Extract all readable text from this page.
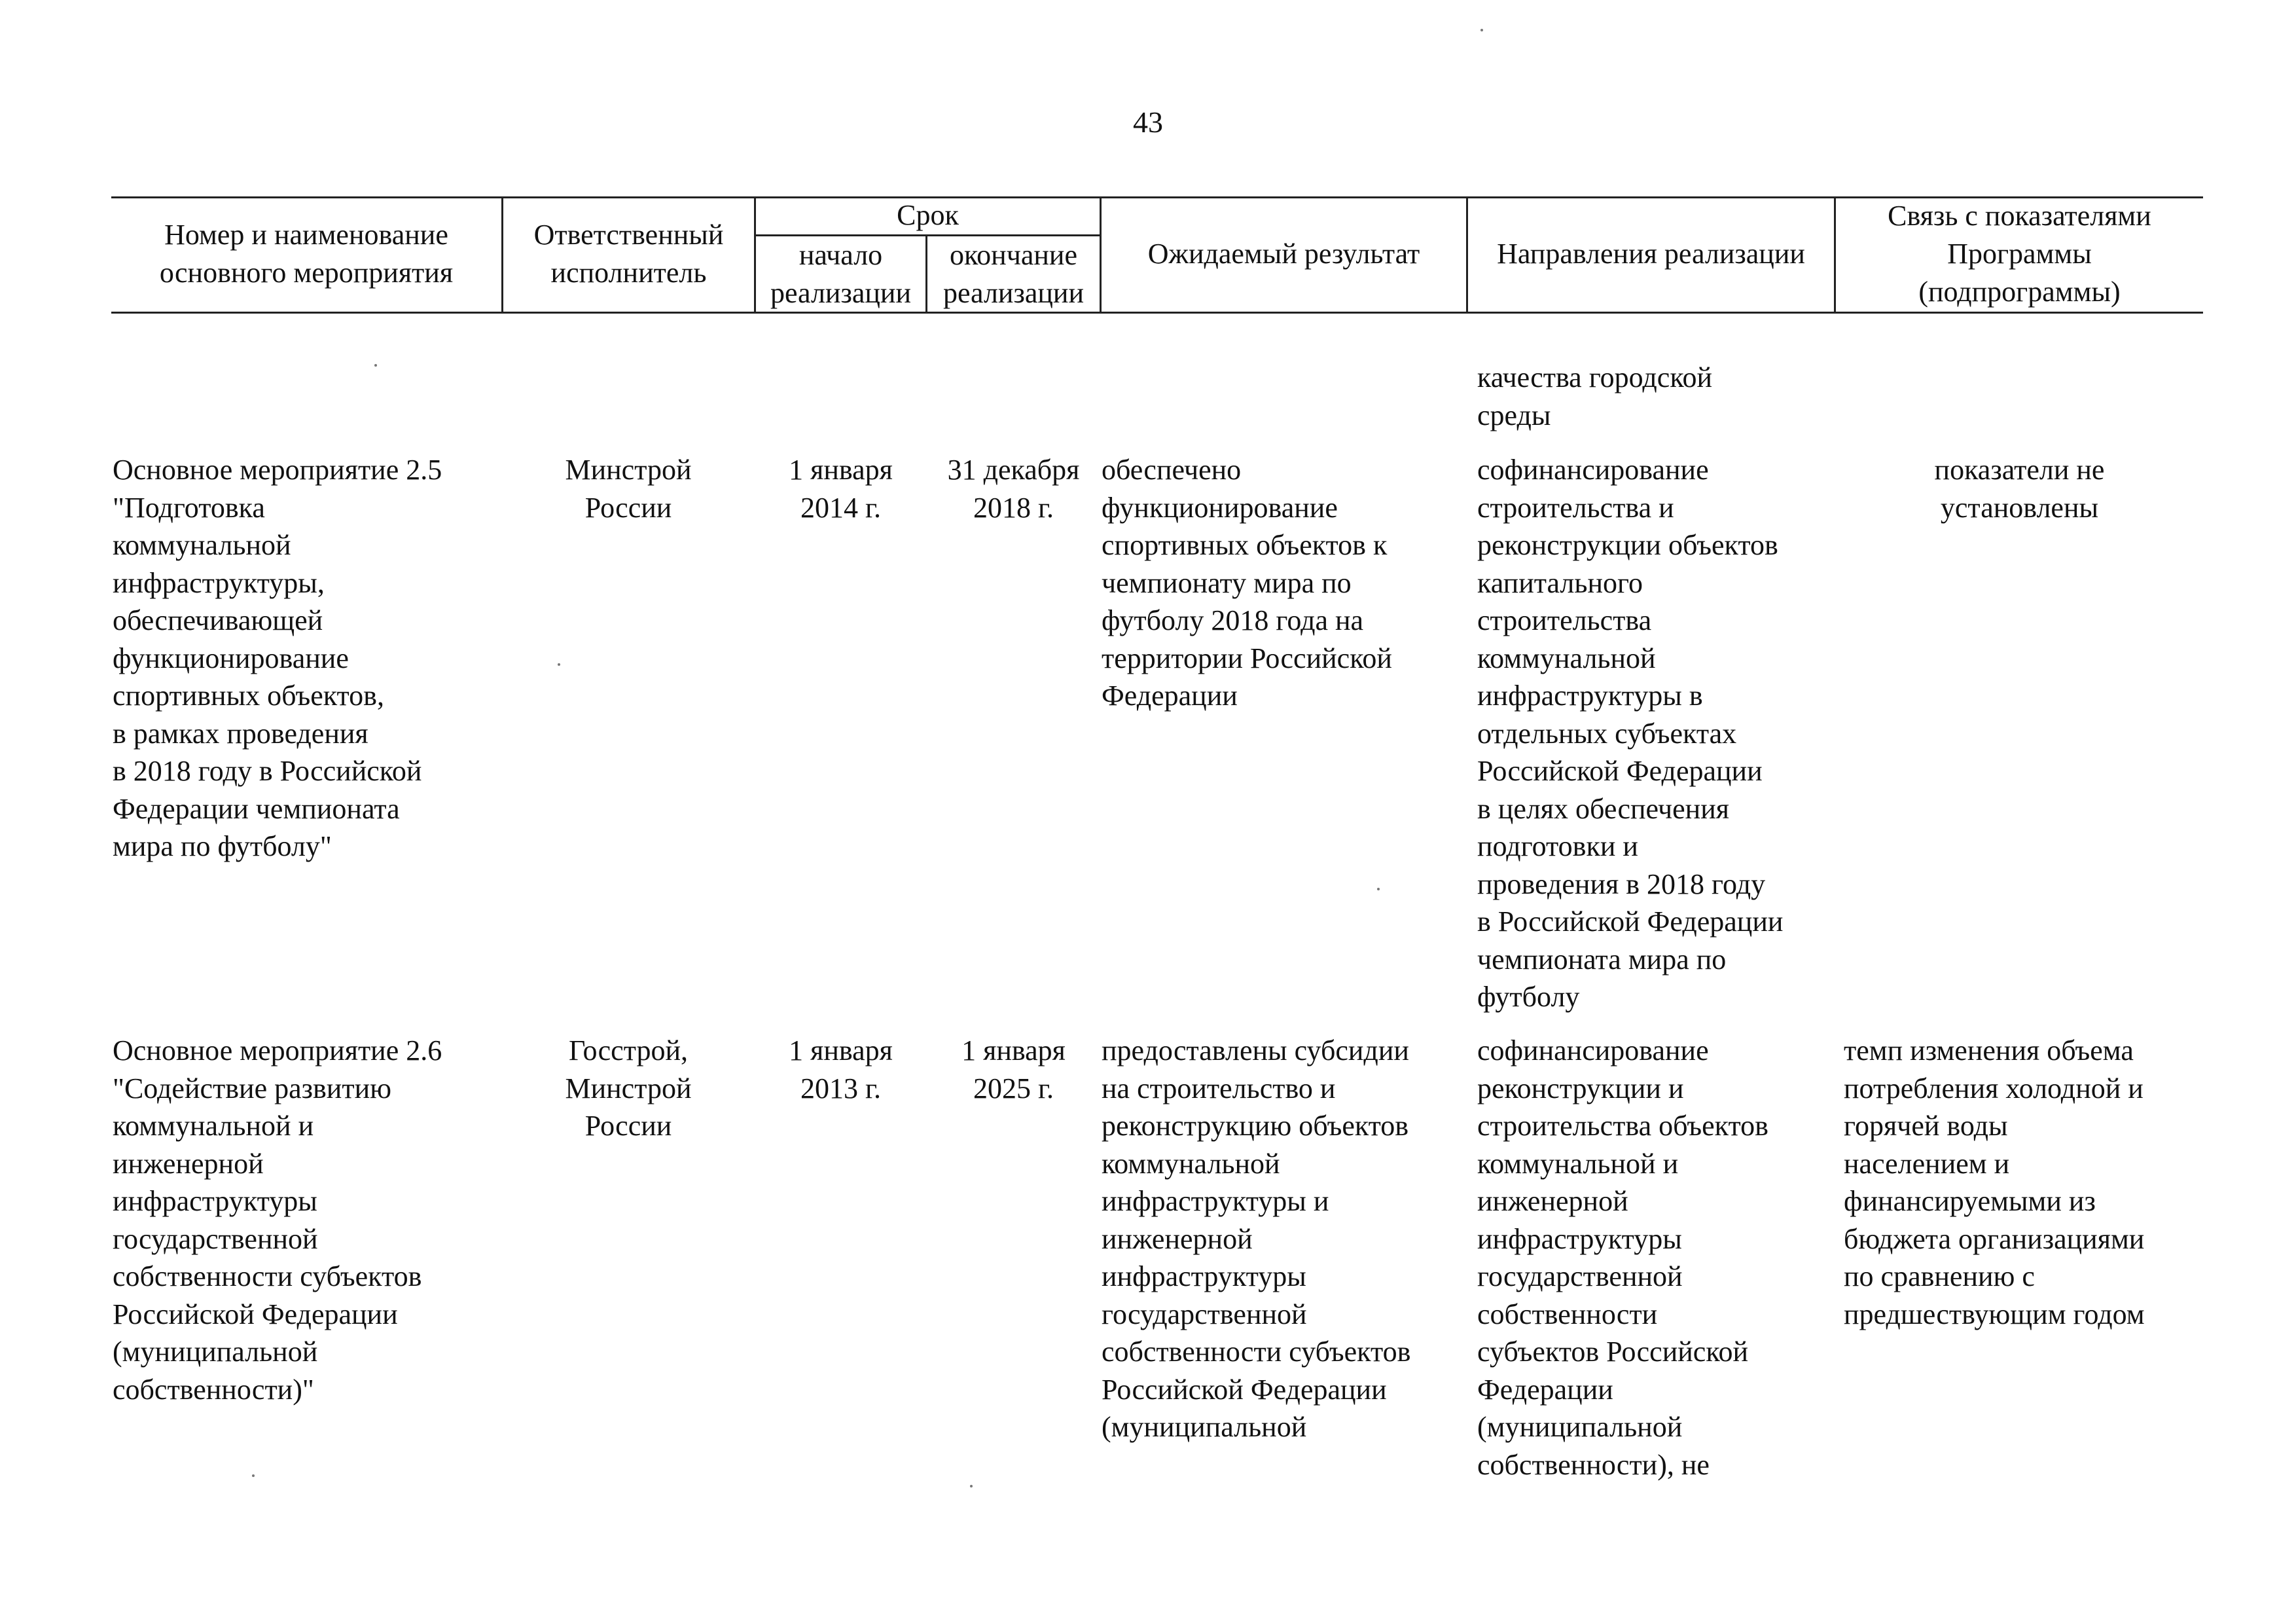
43
Номер и наименование
основного мероприятия
Ответственный
исполнитель
Срок
начало
реализации
окончание
реализации
Ожидаемый результат	Направления реализации
Связь с показателями
Программы
(подпрограммы)
качества городской
среды
Основное мероприятие 2.5
"Подготовка
коммунальной
инфраструктуры,
обеспечивающей
функционирование
спортивных объектов,
в рамках проведения
в 2018 году в Российской
Федерации чемпионата
мира по футболу"
Минстрой
России
1 января
2014 г.
31 декабря
2018 г.
обеспечено
функционирование
спортивных объектов к
чемпионату мира по
футболу 2018 года на
территории Российской
Федерации
софинансирование
строительства и
реконструкции объектов
капитального
строительства
коммунальной
инфраструктуры в
отдельных субъектах
Российской Федерации
в целях обеспечения
подготовки и
проведения в 2018 году
в Российской Федерации
чемпионата мира по
футболу
показатели не
установлены
Основное мероприятие 2.6
"Содействие развитию
коммунальной и
инженерной
инфраструктуры
государственной
собственности субъектов
Российской Федерации
(муниципальной
собственности)"
Госстрой,
Минстрой
России
1 января
2013 г.
1 января
2025 г.
предоставлены субсидии
на строительство и
реконструкцию объектов
коммунальной
инфраструктуры и
инженерной
инфраструктуры
государственной
собственности субъектов
Российской Федерации
(муниципальной
софинансирование
реконструкции и
строительства объектов
коммунальной и
инженерной
инфраструктуры
государственной
собственности
субъектов Российской
Федерации
(муниципальной
собственности), не
темп изменения объема
потребления холодной и
горячей воды
населением и
финансируемыми из
бюджета организациями
по сравнению с
предшествующим годом
